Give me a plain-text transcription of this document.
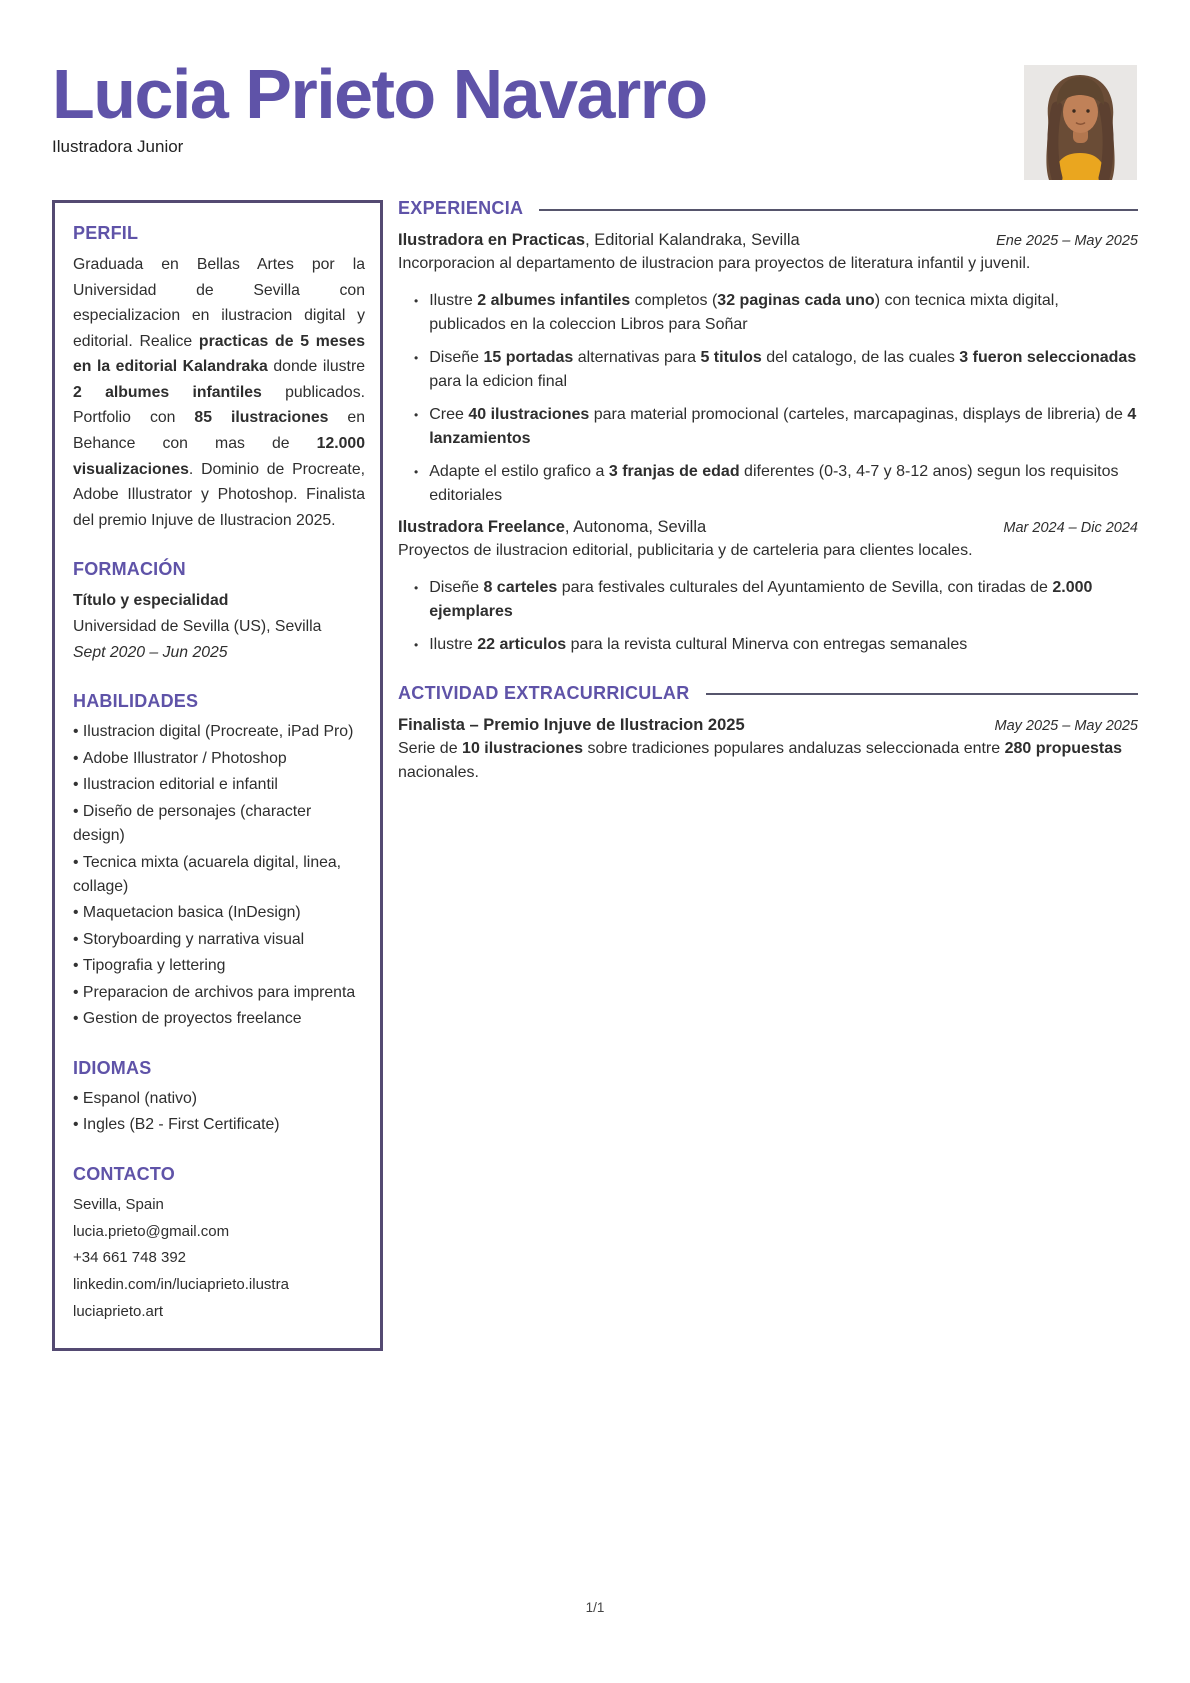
Lucia Prieto Navarro
Ilustradora Junior
PERFIL

Graduada en Bellas Artes por la Universidad de Sevilla con especializacion en ilustracion digital y editorial. Realice practicas de 5 meses en la editorial Kalandraka donde ilustre 2 albumes infantiles publicados. Portfolio con 85 ilustraciones en Behance con mas de 12.000 visualizaciones. Dominio de Procreate, Adobe Illustrator y Photoshop. Finalista del premio Injuve de Ilustracion 2025.

FORMACIÓN
Título y especialidad
Universidad de Sevilla (US), Sevilla
Sept 2020 – Jun 2025
HABILIDADES
• Ilustracion digital (Procreate, iPad Pro)
• Adobe Illustrator / Photoshop
• Ilustracion editorial e infantil
• Diseño de personajes (character design)
• Tecnica mixta (acuarela digital, linea, collage)
• Maquetacion basica (InDesign)
• Storyboarding y narrativa visual
• Tipografia y lettering
• Preparacion de archivos para imprenta
• Gestion de proyectos freelance
IDIOMAS
• Espanol (nativo)
• Ingles (B2 - First Certificate)
CONTACTO
Sevilla, Spain
lucia.prieto@gmail.com
+34 661 748 392
linkedin.com/in/luciaprieto.ilustra
luciaprieto.art
EXPERIENCIA
Ilustradora en Practicas, Editorial Kalandraka, Sevilla	Ene 2025 – May 2025

Incorporacion al departamento de ilustracion para proyectos de literatura infantil y juvenil.

• Ilustre 2 albumes infantiles completos (32 paginas cada uno) con tecnica mixta digital, publicados en la coleccion Libros para Soñar
• Diseñe 15 portadas alternativas para 5 titulos del catalogo, de las cuales 3 fueron seleccionadas para la edicion final
• Cree 40 ilustraciones para material promocional (carteles, marcapaginas, displays de libreria) de 4 lanzamientos
• Adapte el estilo grafico a 3 franjas de edad diferentes (0-3, 4-7 y 8-12 anos) segun los requisitos editoriales
Ilustradora Freelance, Autonoma, Sevilla	Mar 2024 – Dic 2024

Proyectos de ilustracion editorial, publicitaria y de carteleria para clientes locales.

• Diseñe 8 carteles para festivales culturales del Ayuntamiento de Sevilla, con tiradas de 2.000 ejemplares
• Ilustre 22 articulos para la revista cultural Minerva con entregas semanales
ACTIVIDAD EXTRACURRICULAR
Finalista – Premio Injuve de Ilustracion 2025	May 2025 – May 2025

Serie de 10 ilustraciones sobre tradiciones populares andaluzas seleccionada entre 280 propuestas nacionales.

1/1
